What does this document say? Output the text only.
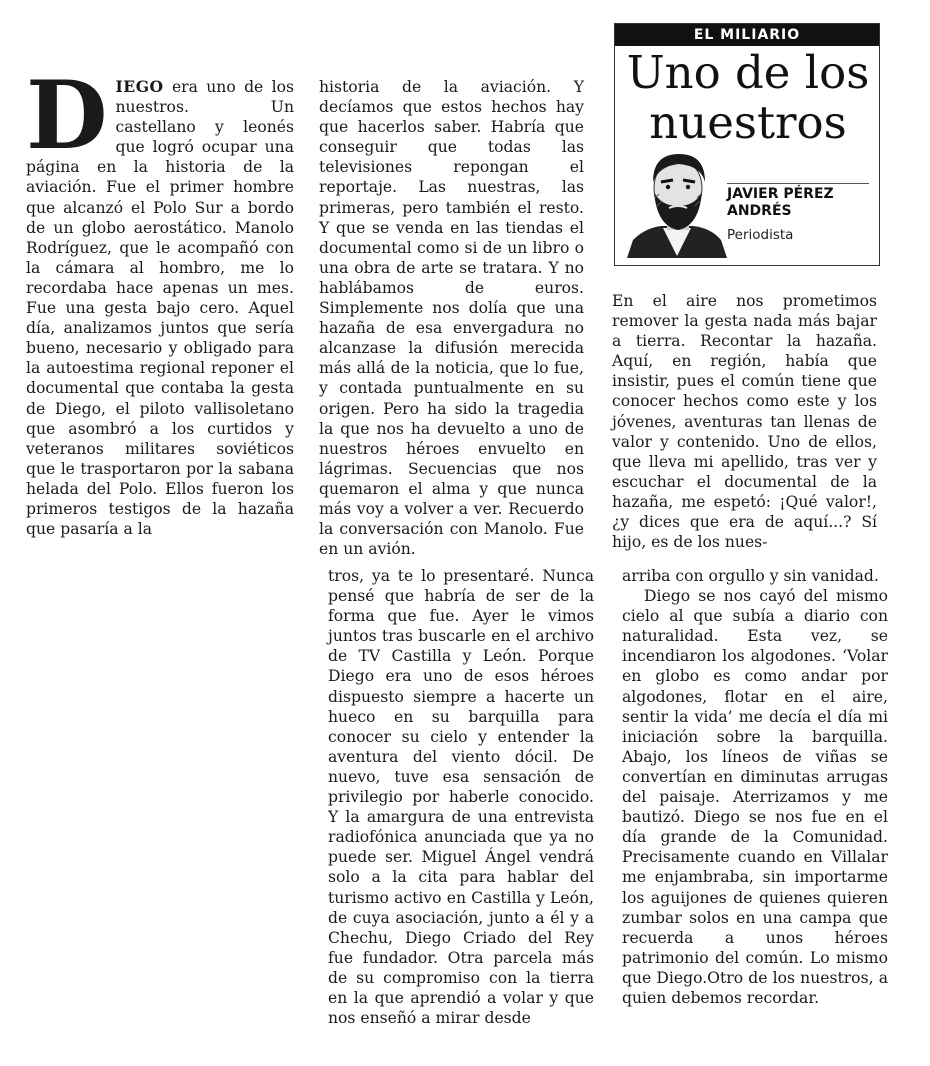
EL MILIARIO
Uno de los
nuestros
JAVIER PÉREZ
ANDRÉS
Periodista

DIEGO era uno de los nuestros. Un castellano y leonés que logró ocupar una página en la historia de la aviación. Fue el primer hombre que alcanzó el Polo Sur a bordo de un globo aerostático. Manolo Rodríguez, que le acompañó con la cámara al hombro, me lo recordaba hace apenas un mes. Fue una gesta bajo cero. Aquel día, analizamos juntos que sería bueno, necesario y obligado para la autoestima regional reponer el documental que contaba la gesta de Diego, el piloto vallisoletano que asombró a los curtidos y veteranos militares soviéticos que le trasportaron por la sabana helada del Polo. Ellos fueron los primeros testigos de la hazaña que pasaría a la

historia de la aviación. Y decíamos que estos hechos hay que hacerlos saber. Habría que conseguir que todas las televisiones repongan el reportaje. Las nuestras, las primeras, pero también el resto. Y que se venda en las tiendas el documental como si de un libro o una obra de arte se tratara. Y no hablábamos de euros. Simplemente nos dolía que una hazaña de esa envergadura no alcanzase la difusión merecida más allá de la noticia, que lo fue, y contada puntualmente en su origen. Pero ha sido la tragedia la que nos ha devuelto a uno de nuestros héroes envuelto en lágrimas. Secuencias que nos quemaron el alma y que nunca más voy a volver a ver. Recuerdo la conversación con Manolo. Fue en un avión.

En el aire nos prometimos remover la gesta nada más bajar a tierra. Recontar la hazaña. Aquí, en región, había que insistir, pues el común tiene que conocer hechos como este y los jóvenes, aventuras tan llenas de valor y contenido. Uno de ellos, que lleva mi apellido, tras ver y escuchar el documental de la hazaña, me espetó: ¡Qué valor!, ¿y dices que era de aquí...? Sí hijo, es de los nues-

tros, ya te lo presentaré. Nunca pensé que habría de ser de la forma que fue. Ayer le vimos juntos tras buscarle en el archivo de TV Castilla y León. Porque Diego era uno de esos héroes dispuesto siempre a hacerte un hueco en su barquilla para conocer su cielo y entender la aventura del viento dócil. De nuevo, tuve esa sensación de privilegio por haberle conocido. Y la amargura de una entrevista radiofónica anunciada que ya no puede ser. Miguel Ángel vendrá solo a la cita para hablar del turismo activo en Castilla y León, de cuya asociación, junto a él y a Chechu, Diego Criado del Rey fue fundador. Otra parcela más de su compromiso con la tierra en la que aprendió a volar y que nos enseñó a mirar desde

arriba con orgullo y sin vanidad.

Diego se nos cayó del mismo cielo al que subía a diario con naturalidad. Esta vez, se incendiaron los algodones. ‘Volar en globo es como andar por algodones, flotar en el aire, sentir la vida’ me decía el día mi iniciación sobre la barquilla. Abajo, los líneos de viñas se convertían en diminutas arrugas del paisaje. Aterrizamos y me bautizó. Diego se nos fue en el día grande de la Comunidad. Precisamente cuando en Villalar me enjambraba, sin importarme los aguijones de quienes quieren zumbar solos en una campa que recuerda a unos héroes patrimonio del común. Lo mismo que Diego.Otro de los nuestros, a quien debemos recordar.
